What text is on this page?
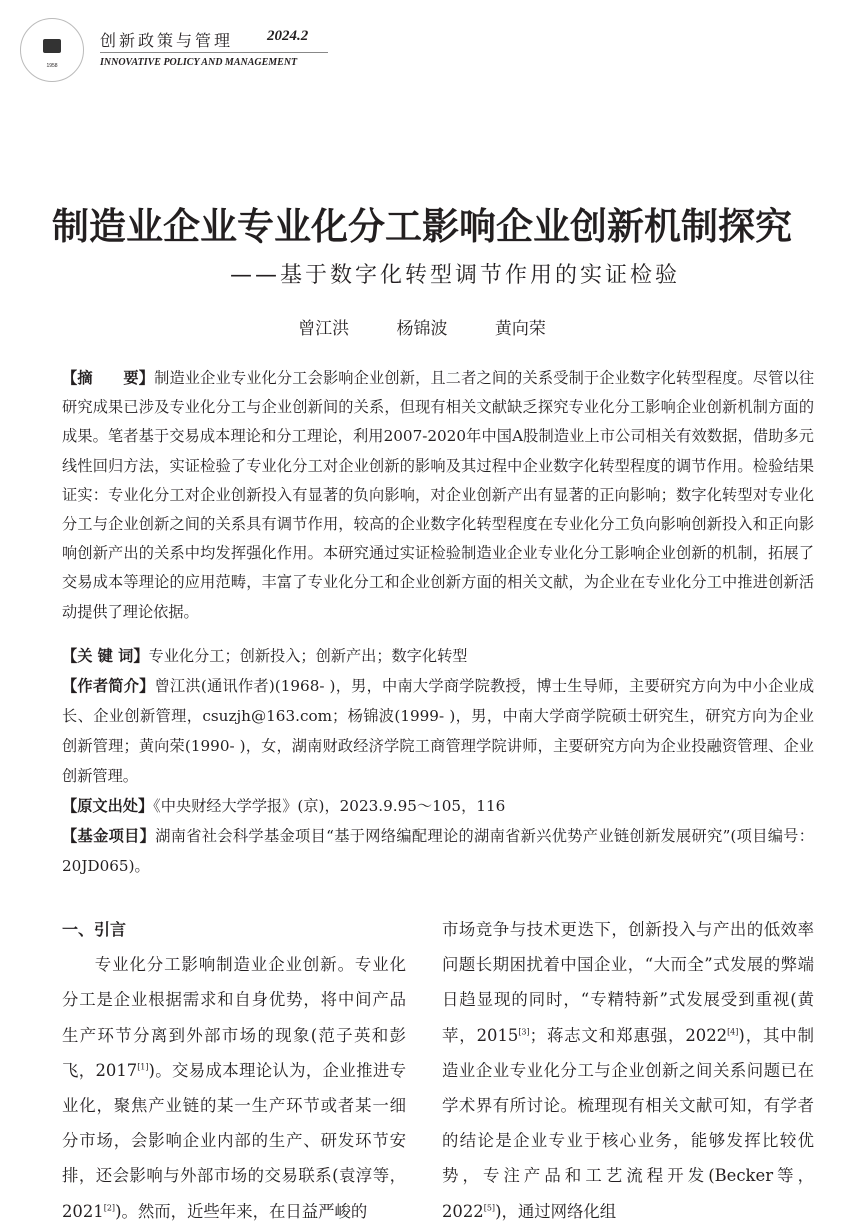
1958
创新政策与管理 2024.2
INNOVATIVE POLICY AND MANAGEMENT
制造业企业专业化分工影响企业创新机制探究
——基于数字化转型调节作用的实证检验
曾江洪	杨锦波	黄向荣

【摘　　要】制造业企业专业化分工会影响企业创新，且二者之间的关系受制于企业数字化转型程度。尽管以往研究成果已涉及专业化分工与企业创新间的关系，但现有相关文献缺乏探究专业化分工影响企业创新机制方面的成果。笔者基于交易成本理论和分工理论，利用2007-2020年中国A股制造业上市公司相关有效数据，借助多元线性回归方法，实证检验了专业化分工对企业创新的影响及其过程中企业数字化转型程度的调节作用。检验结果证实：专业化分工对企业创新投入有显著的负向影响，对企业创新产出有显著的正向影响；数字化转型对专业化分工与企业创新之间的关系具有调节作用，较高的企业数字化转型程度在专业化分工负向影响创新投入和正向影响创新产出的关系中均发挥强化作用。本研究通过实证检验制造业企业专业化分工影响企业创新的机制，拓展了交易成本等理论的应用范畴，丰富了专业化分工和企业创新方面的相关文献，为企业在专业化分工中推进创新活动提供了理论依据。

【关 键 词】专业化分工；创新投入；创新产出；数字化转型

【作者简介】曾江洪(通讯作者)(1968- )，男，中南大学商学院教授，博士生导师，主要研究方向为中小企业成长、企业创新管理，csuzjh@163.com；杨锦波(1999- )，男，中南大学商学院硕士研究生，研究方向为企业创新管理；黄向荣(1990- )，女，湖南财政经济学院工商管理学院讲师，主要研究方向为企业投融资管理、企业创新管理。

【原文出处】《中央财经大学学报》(京)，2023.9.95～105，116

【基金项目】湖南省社会科学基金项目“基于网络编配理论的湖南省新兴优势产业链创新发展研究”(项目编号：20JD065)。

一、引言

专业化分工影响制造业企业创新。专业化分工是企业根据需求和自身优势，将中间产品生产环节分离到外部市场的现象(范子英和彭飞，2017[1])。交易成本理论认为，企业推进专业化，聚焦产业链的某一生产环节或者某一细分市场，会影响企业内部的生产、研发环节安排，还会影响与外部市场的交易联系(袁淳等，2021[2])。然而，近些年来，在日益严峻的

市场竞争与技术更迭下，创新投入与产出的低效率问题长期困扰着中国企业，“大而全”式发展的弊端日趋显现的同时，“专精特新”式发展受到重视(黄苹，2015[3]；蒋志文和郑惠强，2022[4])，其中制造业企业专业化分工与企业创新之间关系问题已在学术界有所讨论。梳理现有相关文献可知，有学者的结论是企业专业于核心业务，能够发挥比较优势，专注产品和工艺流程开发(Becker等，2022[5])，通过网络化组
